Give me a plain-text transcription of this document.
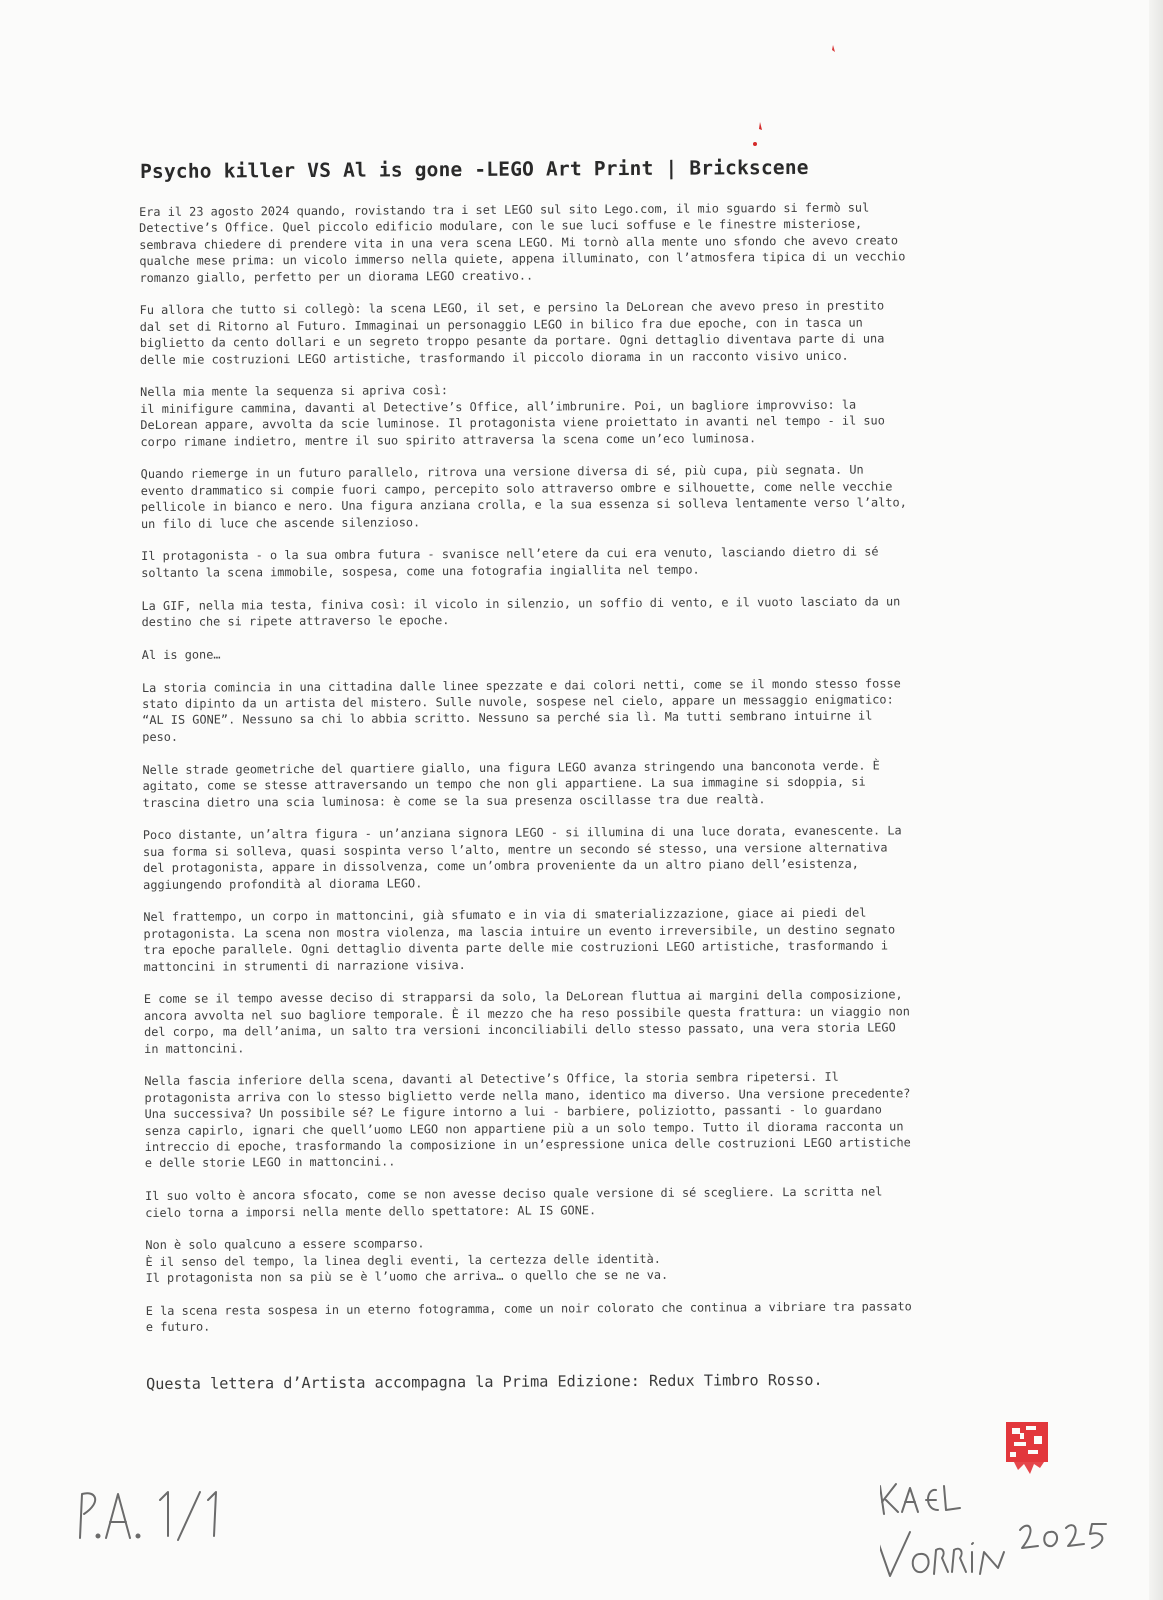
Psycho killer VS Al is gone -LEGO Art Print | Brickscene
Era il 23 agosto 2024 quando, rovistando tra i set LEGO sul sito Lego.com, il mio sguardo si fermò sul
Detective’s Office. Quel piccolo edificio modulare, con le sue luci soffuse e le finestre misteriose,
sembrava chiedere di prendere vita in una vera scena LEGO. Mi tornò alla mente uno sfondo che avevo creato
qualche mese prima: un vicolo immerso nella quiete, appena illuminato, con l’atmosfera tipica di un vecchio
romanzo giallo, perfetto per un diorama LEGO creativo..
Fu allora che tutto si collegò: la scena LEGO, il set, e persino la DeLorean che avevo preso in prestito
dal set di Ritorno al Futuro. Immaginai un personaggio LEGO in bilico fra due epoche, con in tasca un
biglietto da cento dollari e un segreto troppo pesante da portare. Ogni dettaglio diventava parte di una
delle mie costruzioni LEGO artistiche, trasformando il piccolo diorama in un racconto visivo unico.
Nella mia mente la sequenza si apriva così:
il minifigure cammina, davanti al Detective’s Office, all’imbrunire. Poi, un bagliore improvviso: la
DeLorean appare, avvolta da scie luminose. Il protagonista viene proiettato in avanti nel tempo - il suo
corpo rimane indietro, mentre il suo spirito attraversa la scena come un’eco luminosa.
Quando riemerge in un futuro parallelo, ritrova una versione diversa di sé, più cupa, più segnata. Un
evento drammatico si compie fuori campo, percepito solo attraverso ombre e silhouette, come nelle vecchie
pellicole in bianco e nero. Una figura anziana crolla, e la sua essenza si solleva lentamente verso l’alto,
un filo di luce che ascende silenzioso.
Il protagonista - o la sua ombra futura - svanisce nell’etere da cui era venuto, lasciando dietro di sé
soltanto la scena immobile, sospesa, come una fotografia ingiallita nel tempo.
La GIF, nella mia testa, finiva così: il vicolo in silenzio, un soffio di vento, e il vuoto lasciato da un
destino che si ripete attraverso le epoche.
Al is gone…
La storia comincia in una cittadina dalle linee spezzate e dai colori netti, come se il mondo stesso fosse
stato dipinto da un artista del mistero. Sulle nuvole, sospese nel cielo, appare un messaggio enigmatico:
“AL IS GONE”. Nessuno sa chi lo abbia scritto. Nessuno sa perché sia lì. Ma tutti sembrano intuirne il
peso.
Nelle strade geometriche del quartiere giallo, una figura LEGO avanza stringendo una banconota verde. È
agitato, come se stesse attraversando un tempo che non gli appartiene. La sua immagine si sdoppia, si
trascina dietro una scia luminosa: è come se la sua presenza oscillasse tra due realtà.
Poco distante, un’altra figura - un’anziana signora LEGO - si illumina di una luce dorata, evanescente. La
sua forma si solleva, quasi sospinta verso l’alto, mentre un secondo sé stesso, una versione alternativa
del protagonista, appare in dissolvenza, come un’ombra proveniente da un altro piano dell’esistenza,
aggiungendo profondità al diorama LEGO.
Nel frattempo, un corpo in mattoncini, già sfumato e in via di smaterializzazione, giace ai piedi del
protagonista. La scena non mostra violenza, ma lascia intuire un evento irreversibile, un destino segnato
tra epoche parallele. Ogni dettaglio diventa parte delle mie costruzioni LEGO artistiche, trasformando i
mattoncini in strumenti di narrazione visiva.
E come se il tempo avesse deciso di strapparsi da solo, la DeLorean fluttua ai margini della composizione,
ancora avvolta nel suo bagliore temporale. È il mezzo che ha reso possibile questa frattura: un viaggio non
del corpo, ma dell’anima, un salto tra versioni inconciliabili dello stesso passato, una vera storia LEGO
in mattoncini.
Nella fascia inferiore della scena, davanti al Detective’s Office, la storia sembra ripetersi. Il
protagonista arriva con lo stesso biglietto verde nella mano, identico ma diverso. Una versione precedente?
Una successiva? Un possibile sé? Le figure intorno a lui - barbiere, poliziotto, passanti - lo guardano
senza capirlo, ignari che quell’uomo LEGO non appartiene più a un solo tempo. Tutto il diorama racconta un
intreccio di epoche, trasformando la composizione in un’espressione unica delle costruzioni LEGO artistiche
e delle storie LEGO in mattoncini..
Il suo volto è ancora sfocato, come se non avesse deciso quale versione di sé scegliere. La scritta nel
cielo torna a imporsi nella mente dello spettatore: AL IS GONE.
Non è solo qualcuno a essere scomparso.
È il senso del tempo, la linea degli eventi, la certezza delle identità.
Il protagonista non sa più se è l’uomo che arriva… o quello che se ne va.
E la scena resta sospesa in un eterno fotogramma, come un noir colorato che continua a vibriare tra passato
e futuro.
Questa lettera d’Artista accompagna la Prima Edizione: Redux Timbro Rosso.
